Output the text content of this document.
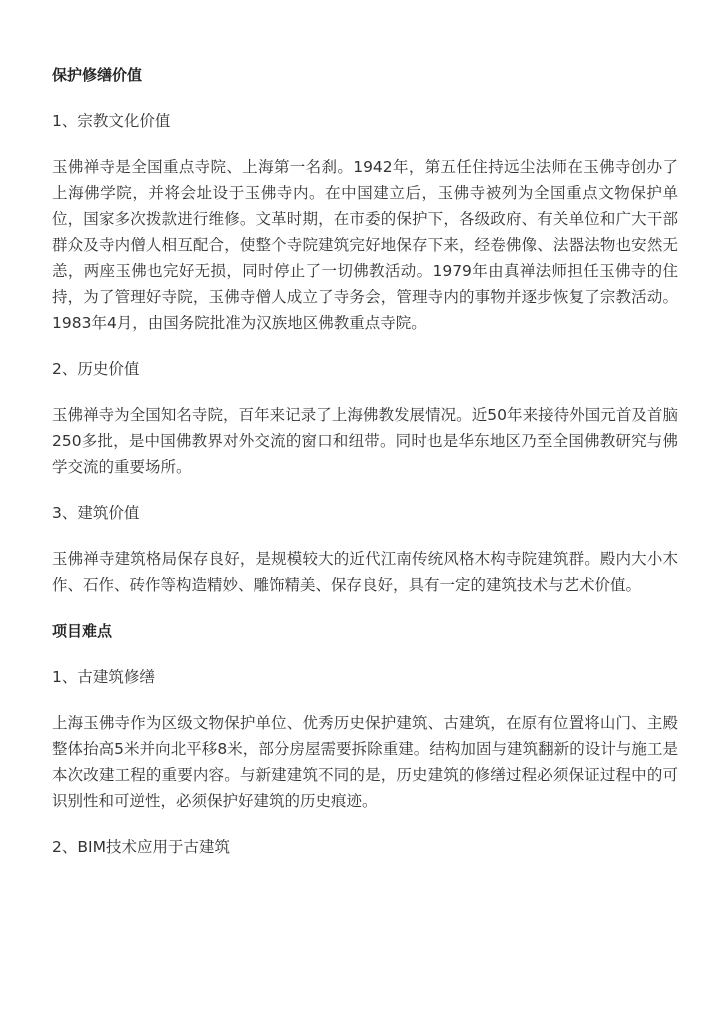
保护修缮价值
1、宗教文化价值
玉佛禅寺是全国重点寺院、上海第一名刹。1942年，第五任住持远尘法师在玉佛寺创办了上海佛学院，并将会址设于玉佛寺内。在中国建立后，玉佛寺被列为全国重点文物保护单位，国家多次拨款进行维修。文革时期，在市委的保护下，各级政府、有关单位和广大干部群众及寺内僧人相互配合，使整个寺院建筑完好地保存下来，经卷佛像、法器法物也安然无恙，两座玉佛也完好无损，同时停止了一切佛教活动。1979年由真禅法师担任玉佛寺的住持，为了管理好寺院，玉佛寺僧人成立了寺务会，管理寺内的事物并逐步恢复了宗教活动。1983年4月，由国务院批准为汉族地区佛教重点寺院。
2、历史价值
玉佛禅寺为全国知名寺院，百年来记录了上海佛教发展情况。近50年来接待外国元首及首脑250多批，是中国佛教界对外交流的窗口和纽带。同时也是华东地区乃至全国佛教研究与佛学交流的重要场所。
3、建筑价值
玉佛禅寺建筑格局保存良好，是规模较大的近代江南传统风格木构寺院建筑群。殿内大小木作、石作、砖作等构造精妙、雕饰精美、保存良好，具有一定的建筑技术与艺术价值。
项目难点
1、古建筑修缮
上海玉佛寺作为区级文物保护单位、优秀历史保护建筑、古建筑，在原有位置将山门、主殿整体抬高5米并向北平移8米，部分房屋需要拆除重建。结构加固与建筑翻新的设计与施工是本次改建工程的重要内容。与新建建筑不同的是，历史建筑的修缮过程必须保证过程中的可识别性和可逆性，必须保护好建筑的历史痕迹。
2、BIM技术应用于古建筑
